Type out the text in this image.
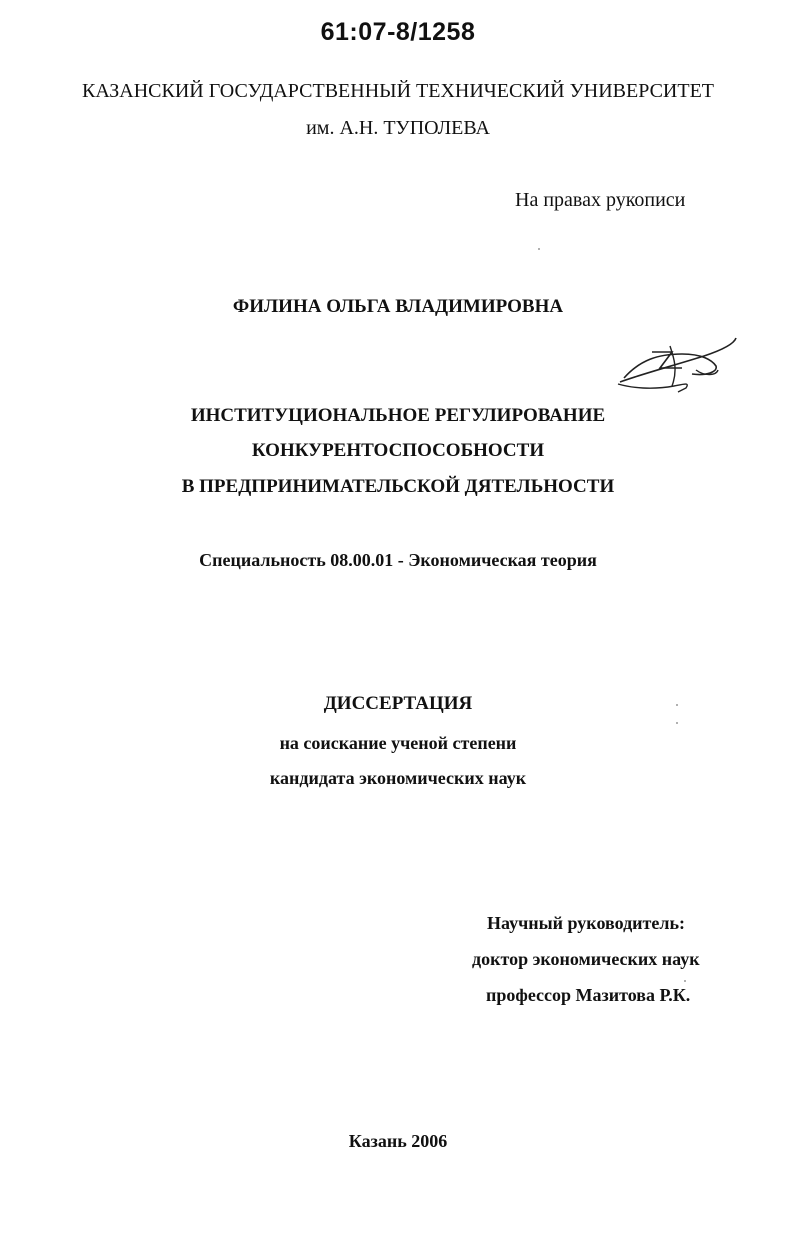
61:07-8/1258
КАЗАНСКИЙ ГОСУДАРСТВЕННЫЙ ТЕХНИЧЕСКИЙ УНИВЕРСИТЕТ
им. А.Н. ТУПОЛЕВА
На правах рукописи
ФИЛИНА ОЛЬГА ВЛАДИМИРОВНА
ИНСТИТУЦИОНАЛЬНОЕ РЕГУЛИРОВАНИЕ
КОНКУРЕНТОСПОСОБНОСТИ
В ПРЕДПРИНИМАТЕЛЬСКОЙ ДЯТЕЛЬНОСТИ
Специальность 08.00.01 - Экономическая теория
ДИССЕРТАЦИЯ
на соискание ученой степени
кандидата экономических наук
Научный руководитель:
доктор экономических наук
профессор Мазитова Р.К.
Казань 2006
